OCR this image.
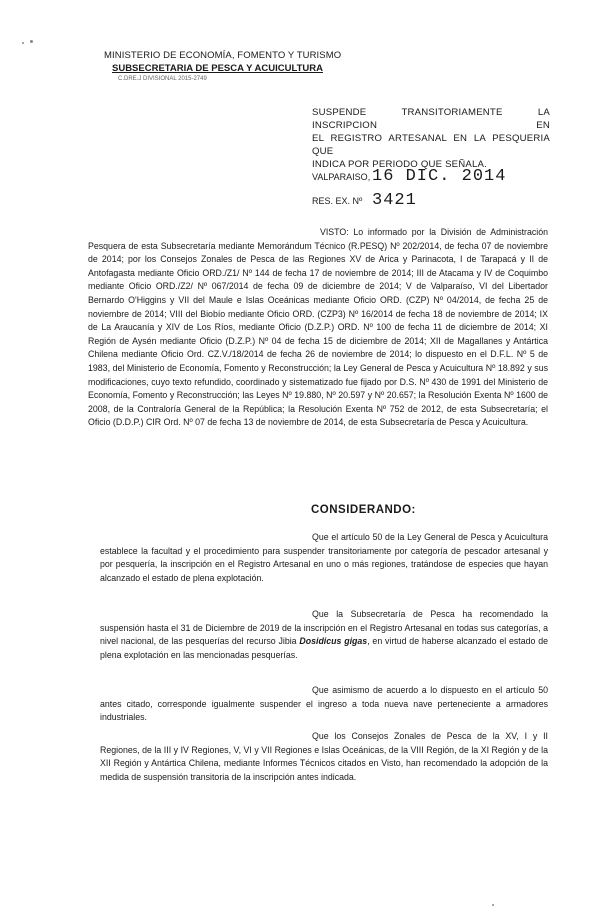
MINISTERIO DE ECONOMÍA, FOMENTO Y TURISMO
SUBSECRETARIA DE PESCA Y ACUICULTURA
C.DRE.J DIVISIONAL 2015-2749
SUSPENDE TRANSITORIAMENTE LA INSCRIPCION EN
EL REGISTRO ARTESANAL EN LA PESQUERIA QUE
INDICA POR PERIODO QUE SEÑALA.
VALPARAISO, 16 DIC. 2014
RES. EX. Nº 3421
VISTO: Lo informado por la División de Administración Pesquera de esta Subsecretaría mediante Memorándum Técnico (R.PESQ) Nº 202/2014, de fecha 07 de noviembre de 2014; por los Consejos Zonales de Pesca de las Regiones XV de Arica y Parinacota, I de Tarapacá y II de Antofagasta mediante Oficio ORD./Z1/ Nº 144 de fecha 17 de noviembre de 2014; III de Atacama y IV de Coquimbo mediante Oficio ORD./Z2/ Nº 067/2014 de fecha 09 de diciembre de 2014; V de Valparaíso, VI del Libertador Bernardo O'Higgins y VII del Maule e Islas Oceánicas mediante Oficio ORD. (CZP) Nº 04/2014, de fecha 25 de noviembre de 2014; VIII del Biobío mediante Oficio ORD. (CZP3) Nº 16/2014 de fecha 18 de noviembre de 2014; IX de La Araucanía y XIV de Los Ríos, mediante Oficio (D.Z.P.) ORD. Nº 100 de fecha 11 de diciembre de 2014; XI Región de Aysén mediante Oficio (D.Z.P.) Nº 04 de fecha 15 de diciembre de 2014; XII de Magallanes y Antártica Chilena mediante Oficio Ord. CZ.V./18/2014 de fecha 26 de noviembre de 2014; lo dispuesto en el D.F.L. Nº 5 de 1983, del Ministerio de Economía, Fomento y Reconstrucción; la Ley General de Pesca y Acuicultura Nº 18.892 y sus modificaciones, cuyo texto refundido, coordinado y sistematizado fue fijado por D.S. Nº 430 de 1991 del Ministerio de Economía, Fomento y Reconstrucción; las Leyes Nº 19.880, Nº 20.597 y Nº 20.657; la Resolución Exenta Nº 1600 de 2008, de la Contraloría General de la República; la Resolución Exenta Nº 752 de 2012, de esta Subsecretaría; el Oficio (D.D.P.) CIR Ord. Nº 07 de fecha 13 de noviembre de 2014, de esta Subsecretaría de Pesca y Acuicultura.
CONSIDERANDO:
Que el artículo 50 de la Ley General de Pesca y Acuicultura establece la facultad y el procedimiento para suspender transitoriamente por categoría de pescador artesanal y por pesquería, la inscripción en el Registro Artesanal en uno o más regiones, tratándose de especies que hayan alcanzado el estado de plena explotación.
Que la Subsecretaría de Pesca ha recomendado la suspensión hasta el 31 de Diciembre de 2019 de la inscripción en el Registro Artesanal en todas sus categorías, a nivel nacional, de las pesquerías del recurso Jibia Dosidicus gigas, en virtud de haberse alcanzado el estado de plena explotación en las mencionadas pesquerías.
Que asimismo de acuerdo a lo dispuesto en el artículo 50 antes citado, corresponde igualmente suspender el ingreso a toda nueva nave perteneciente a armadores industriales.
Que los Consejos Zonales de Pesca de la XV, I y II Regiones, de la III y IV Regiones, V, VI y VII Regiones e Islas Oceánicas, de la VIII Región, de la XI Región y de la XII Región y Antártica Chilena, mediante Informes Técnicos citados en Visto, han recomendado la adopción de la medida de suspensión transitoria de la inscripción antes indicada.
